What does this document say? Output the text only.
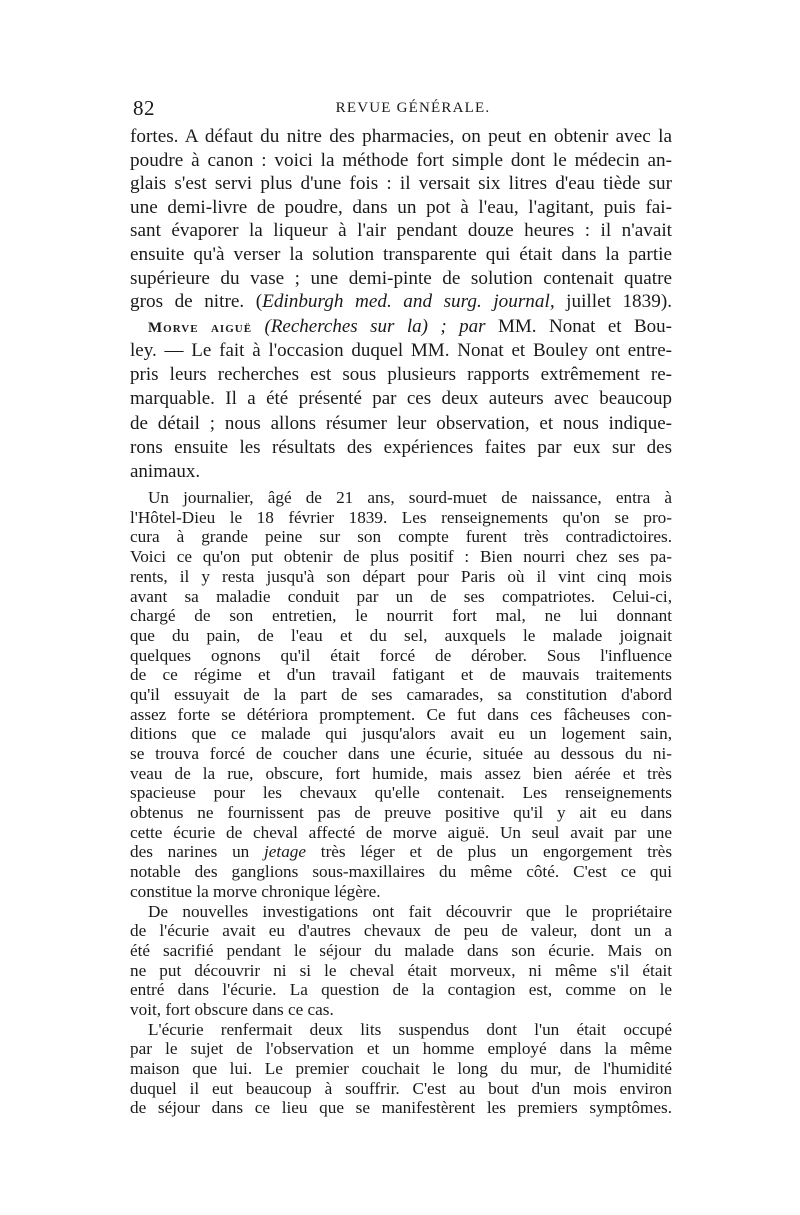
82	REVUE GÉNÉRALE.
fortes. A défaut du nitre des pharmacies, on peut en obtenir avec la
poudre à canon : voici la méthode fort simple dont le médecin an-
glais s'est servi plus d'une fois : il versait six litres d'eau tiède sur
une demi-livre de poudre, dans un pot à l'eau, l'agitant, puis fai-
sant évaporer la liqueur à l'air pendant douze heures : il n'avait
ensuite qu'à verser la solution transparente qui était dans la partie
supérieure du vase ; une demi-pinte de solution contenait quatre
gros de nitre. (Edinburgh med. and surg. journal, juillet 1839).
Morve aiguë (Recherches sur la) ; par MM. Nonat et Bou-
ley. — Le fait à l'occasion duquel MM. Nonat et Bouley ont entre-
pris leurs recherches est sous plusieurs rapports extrêmement re-
marquable. Il a été présenté par ces deux auteurs avec beaucoup
de détail ; nous allons résumer leur observation, et nous indique-
rons ensuite les résultats des expériences faites par eux sur des
animaux.
Un journalier, âgé de 21 ans, sourd-muet de naissance, entra à
l'Hôtel-Dieu le 18 février 1839. Les renseignements qu'on se pro-
cura à grande peine sur son compte furent très contradictoires.
Voici ce qu'on put obtenir de plus positif : Bien nourri chez ses pa-
rents, il y resta jusqu'à son départ pour Paris où il vint cinq mois
avant sa maladie conduit par un de ses compatriotes. Celui-ci,
chargé de son entretien, le nourrit fort mal, ne lui donnant
que du pain, de l'eau et du sel, auxquels le malade joignait
quelques ognons qu'il était forcé de dérober. Sous l'influence
de ce régime et d'un travail fatigant et de mauvais traitements
qu'il essuyait de la part de ses camarades, sa constitution d'abord
assez forte se détériora promptement. Ce fut dans ces fâcheuses con-
ditions que ce malade qui jusqu'alors avait eu un logement sain,
se trouva forcé de coucher dans une écurie, située au dessous du ni-
veau de la rue, obscure, fort humide, mais assez bien aérée et très
spacieuse pour les chevaux qu'elle contenait. Les renseignements
obtenus ne fournissent pas de preuve positive qu'il y ait eu dans
cette écurie de cheval affecté de morve aiguë. Un seul avait par une
des narines un jetage très léger et de plus un engorgement très
notable des ganglions sous-maxillaires du même côté. C'est ce qui
constitue la morve chronique légère.
De nouvelles investigations ont fait découvrir que le propriétaire
de l'écurie avait eu d'autres chevaux de peu de valeur, dont un a
été sacrifié pendant le séjour du malade dans son écurie. Mais on
ne put découvrir ni si le cheval était morveux, ni même s'il était
entré dans l'écurie. La question de la contagion est, comme on le
voit, fort obscure dans ce cas.
L'écurie renfermait deux lits suspendus dont l'un était occupé
par le sujet de l'observation et un homme employé dans la même
maison que lui. Le premier couchait le long du mur, de l'humidité
duquel il eut beaucoup à souffrir. C'est au bout d'un mois environ
de séjour dans ce lieu que se manifestèrent les premiers symptômes.
